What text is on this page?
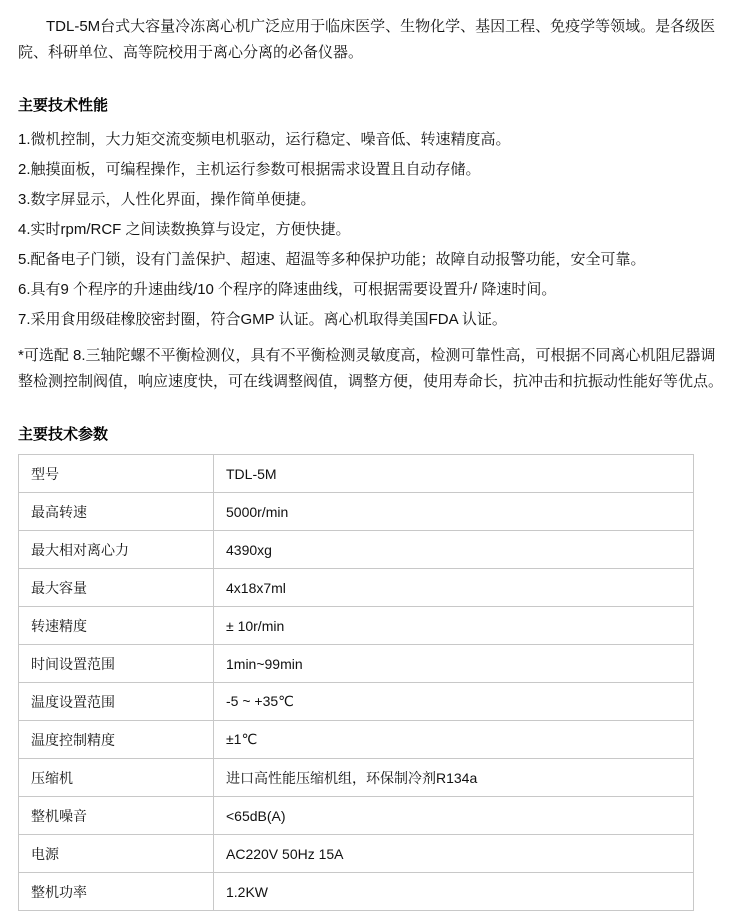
TDL-5M台式大容量冷冻离心机广泛应用于临床医学、生物化学、基因工程、免疫学等领域。是各级医院、科研单位、高等院校用于离心分离的必备仪器。

主要技术性能
1.微机控制，大力矩交流变频电机驱动，运行稳定、噪音低、转速精度高。
2.触摸面板，可编程操作，主机运行参数可根据需求设置且自动存储。
3.数字屏显示，人性化界面，操作简单便捷。
4.实时rpm/RCF 之间读数换算与设定，方便快捷。
5.配备电子门锁，设有门盖保护、超速、超温等多种保护功能；故障自动报警功能，安全可靠。
6.具有9 个程序的升速曲线/10 个程序的降速曲线，可根据需要设置升/ 降速时间。
7.采用食用级硅橡胶密封圈，符合GMP 认证。离心机取得美国FDA 认证。

*可选配 8.三轴陀螺不平衡检测仪，具有不平衡检测灵敏度高，检测可靠性高，可根据不同离心机阻尼器调整检测控制阀值，响应速度快，可在线调整阀值，调整方便，使用寿命长，抗冲击和抗振动性能好等优点。

主要技术参数
型号	TDL-5M
最高转速	5000r/min
最大相对离心力	4390xg
最大容量	4x18x7ml
转速精度	± 10r/min
时间设置范围	1min~99min
温度设置范围	-5 ~ +35℃
温度控制精度	±1℃
压缩机	进口高性能压缩机组，环保制冷剂R134a
整机噪音	<65dB(A)
电源	AC220V 50Hz 15A
整机功率	1.2KW
